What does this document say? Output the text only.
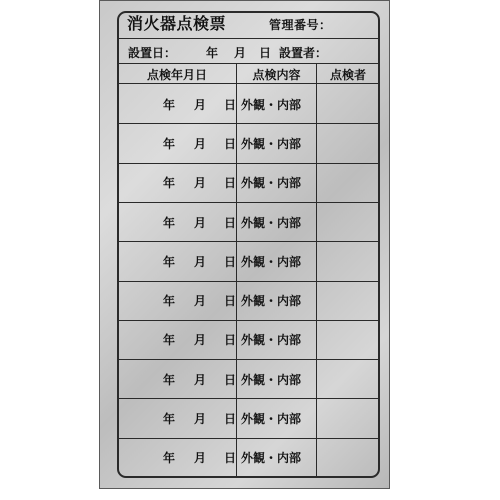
消火器点検票	管理番号：
設置日： 年 月 日 設置者：
点検年月日	点検内容	点検者
年 月 日 外観・内部
年 月 日 外観・内部
年 月 日 外観・内部
年 月 日 外観・内部
年 月 日 外観・内部
年 月 日 外観・内部
年 月 日 外観・内部
年 月 日 外観・内部
年 月 日 外観・内部
年 月 日 外観・内部
